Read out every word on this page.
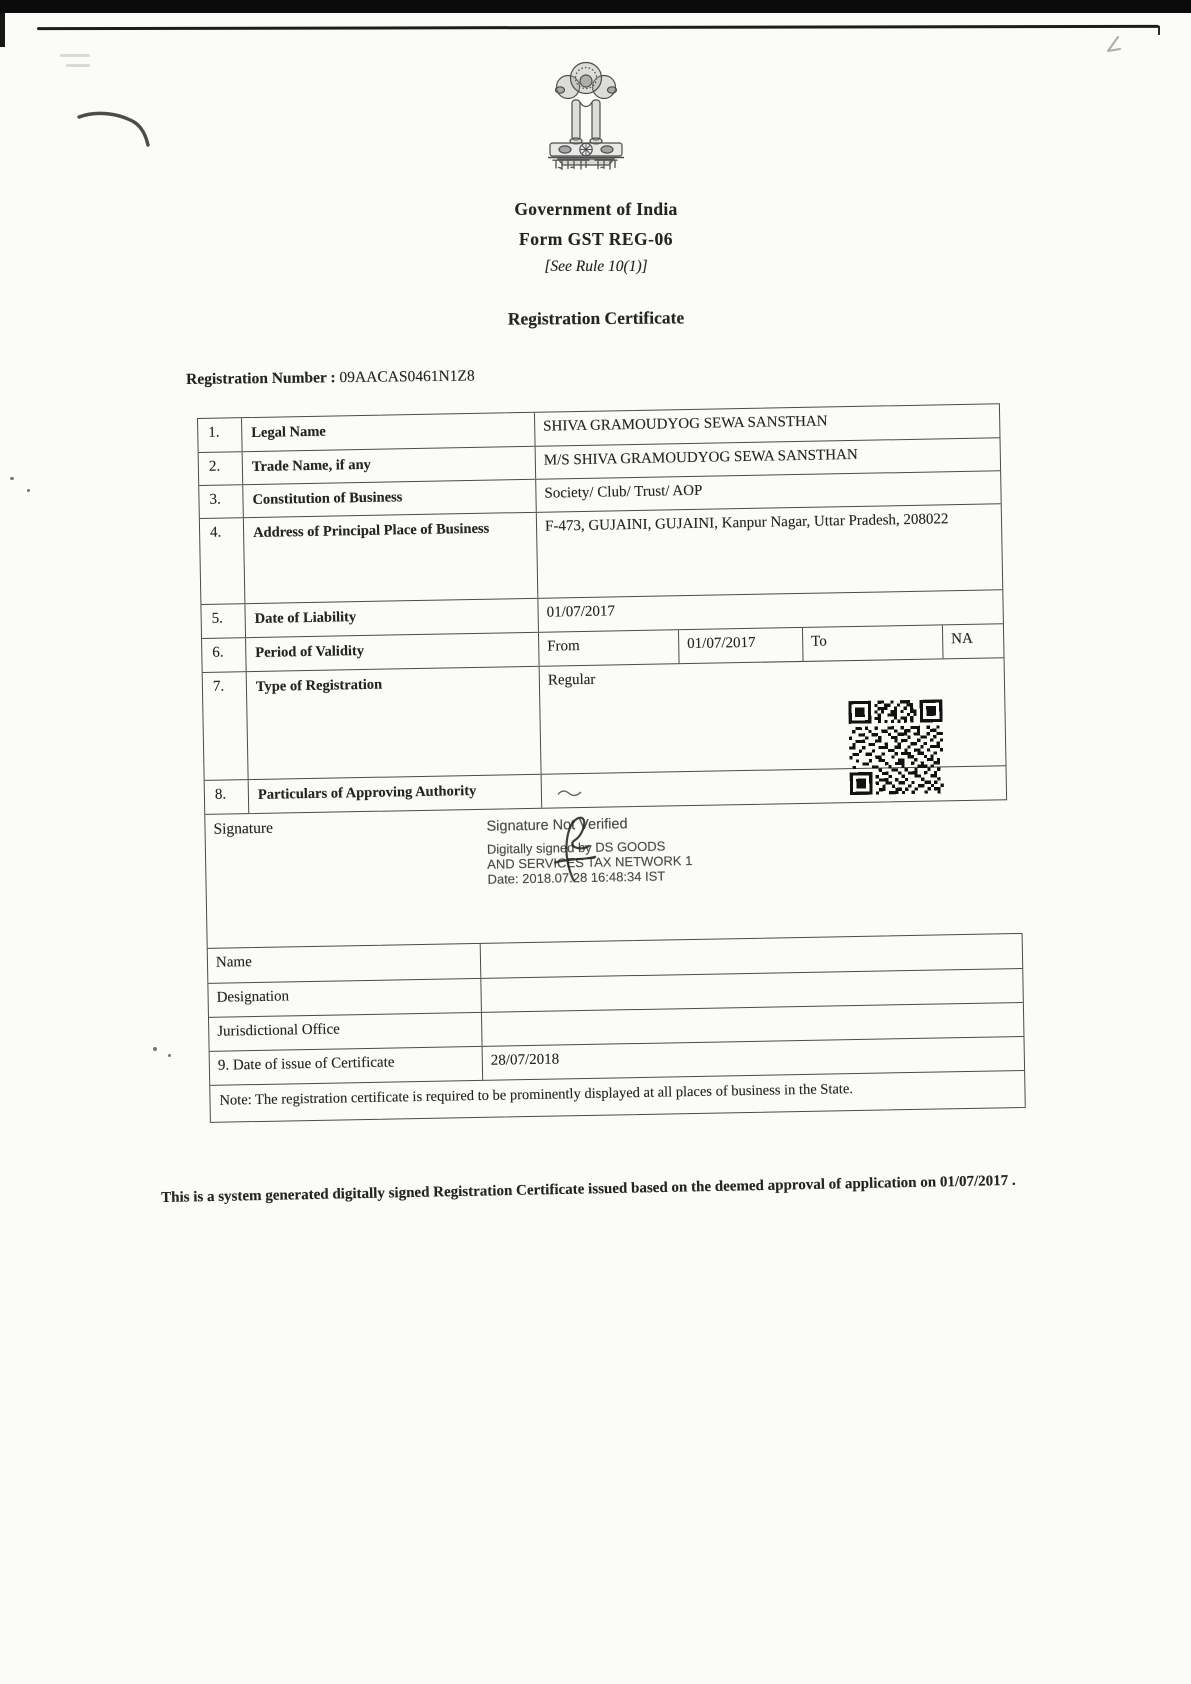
Government of India
Form GST REG-06
[See Rule 10(1)]
Registration Certificate
Registration Number : 09AACAS0461N1Z8
1.	Legal Name	SHIVA GRAMOUDYOG SEWA SANSTHAN
2.	Trade Name, if any	M/S SHIVA GRAMOUDYOG SEWA SANSTHAN
3.	Constitution of Business	Society/ Club/ Trust/ AOP
4.	Address of Principal Place of Business	F-473, GUJAINI, GUJAINI, Kanpur Nagar, Uttar Pradesh, 208022
5.	Date of Liability	01/07/2017
6.	Period of Validity	From	01/07/2017	To	NA
7.	Type of Registration	Regular
8.	Particulars of Approving Authority
Signature	Signature Not Verified
Digitally signed by DS GOODS
AND SERVICES TAX NETWORK 1
Date: 2018.07.28 16:48:34 IST
Name
Designation
Jurisdictional Office
9. Date of issue of Certificate	28/07/2018
Note: The registration certificate is required to be prominently displayed at all places of business in the State.
This is a system generated digitally signed Registration Certificate issued based on the deemed approval of application on 01/07/2017 .
